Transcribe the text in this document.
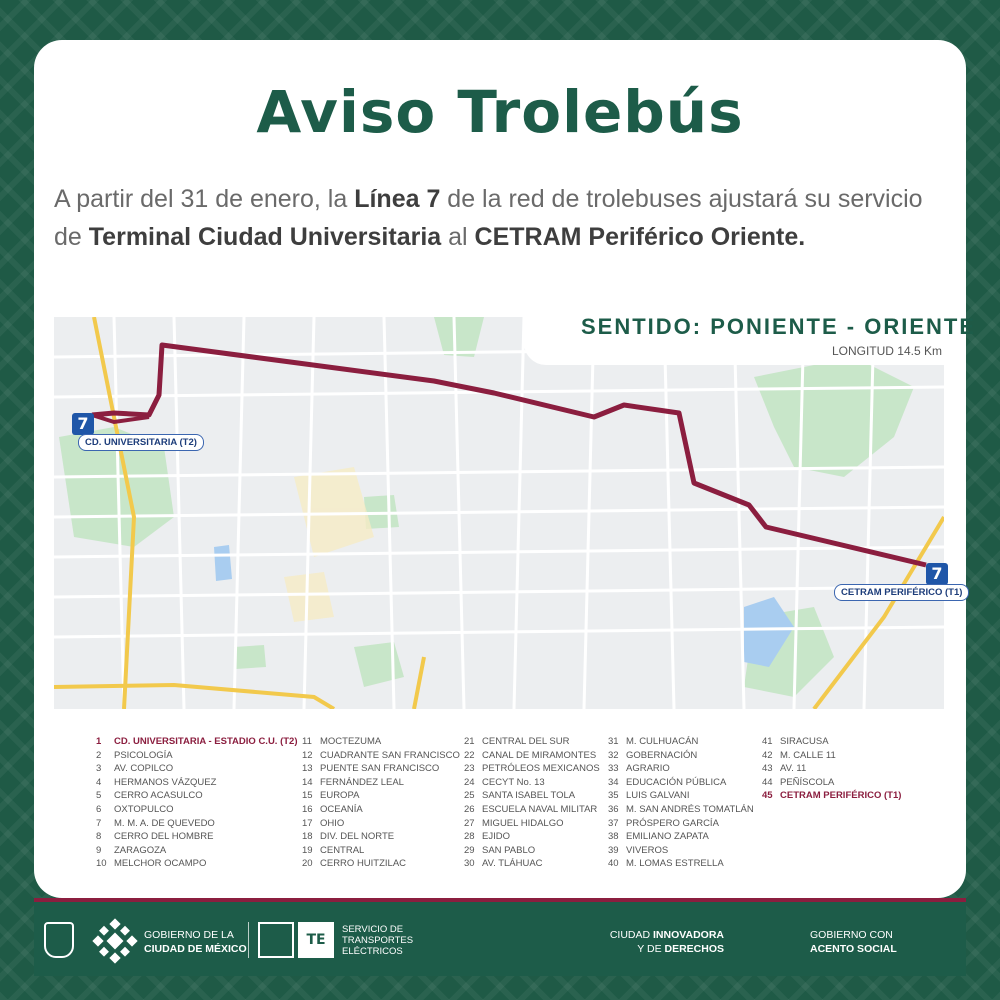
Aviso Trolebús
A partir del 31 de enero, la Línea 7 de la red de trolebuses ajustará su servicio de Terminal Ciudad Universitaria al CETRAM Periférico Oriente.
SENTIDO: PONIENTE - ORIENTE
LONGITUD 14.5 Km
7
CD. UNIVERSITARIA (T2)
7
CETRAM PERIFÉRICO (T1)
1	CD. UNIVERSITARIA - ESTADIO C.U. (T2)
2	PSICOLOGÍA
3	AV. COPILCO
4	HERMANOS VÁZQUEZ
5	CERRO ACASULCO
6	OXTOPULCO
7	M. M. A. DE QUEVEDO
8	CERRO DEL HOMBRE
9	ZARAGOZA
10 MELCHOR OCAMPO
11 MOCTEZUMA
12 CUADRANTE SAN FRANCISCO
13 PUENTE SAN FRANCISCO
14 FERNÁNDEZ LEAL
15 EUROPA
16 OCEANÍA
17 OHIO
18 DIV. DEL NORTE
19 CENTRAL
20 CERRO HUITZILAC
21 CENTRAL DEL SUR
22 CANAL DE MIRAMONTES
23 PETRÓLEOS MEXICANOS
24 CECYT No. 13
25 SANTA ISABEL TOLA
26 ESCUELA NAVAL MILITAR
27 MIGUEL HIDALGO
28 EJIDO
29 SAN PABLO
30 AV. TLÁHUAC
31 M. CULHUACÁN
32 GOBERNACIÓN
33 AGRARIO
34 EDUCACIÓN PÚBLICA
35 LUIS GALVANI
36 M. SAN ANDRÉS TOMATLÁN
37 PRÓSPERO GARCÍA
38 EMILIANO ZAPATA
39 VIVEROS
40 M. LOMAS ESTRELLA
41 SIRACUSA
42 M. CALLE 11
43 AV. 11
44 PEÑÍSCOLA
45 CETRAM PERIFÉRICO (T1)
GOBIERNO DE LA
CIUDAD DE MÉXICO
TE
SERVICIO DE
TRANSPORTES
ELÉCTRICOS
CIUDAD INNOVADORA
Y DE DERECHOS
GOBIERNO CON
ACENTO SOCIAL
